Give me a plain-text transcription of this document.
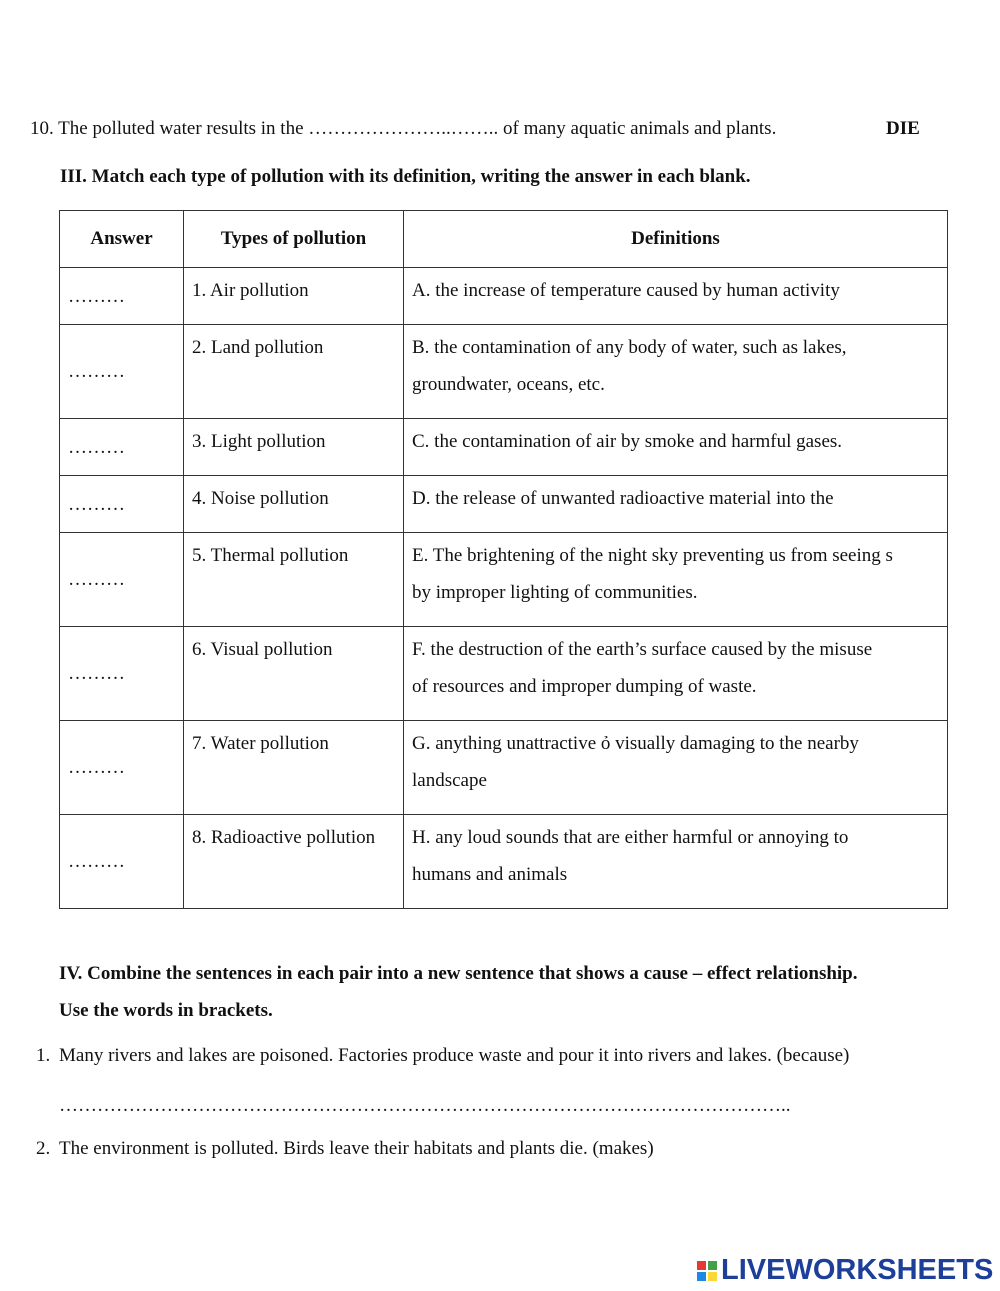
10. The polluted water results in the …………………..…….. of many aquatic animals and plants.	DIE
III. Match each type of pollution with its definition, writing the answer in each blank.
Answer	Types of pollution	Definitions
………	1. Air pollution	A. the increase of temperature caused by human activity

………	2. Land pollution	B. the contamination of any body of water, such as lakes,
groundwater, oceans, etc.

………	3. Light pollution	C. the contamination of air by smoke and harmful gases.

………	4. Noise pollution	D. the release of unwanted radioactive material into the

………	5. Thermal pollution	E. The brightening of the night sky preventing us from seeing s
by improper lighting of communities.

………	6. Visual pollution	F. the destruction of the earth’s surface caused by the misuse
of resources and improper dumping of waste.

………	7. Water pollution	G. anything unattractive ỏ visually damaging to the nearby
landscape

………	8. Radioactive pollution	H. any loud sounds that are either harmful or annoying to
humans and animals
IV. Combine the sentences in each pair into a new sentence that shows a cause – effect relationship.
Use the words in brackets.
1. Many rivers and lakes are poisoned. Factories produce waste and pour it into rivers and lakes. (because)
……………………………………………………………………………………………………..
2. The environment is polluted. Birds leave their habitats and plants die. (makes)
LIVEWORKSHEETS
